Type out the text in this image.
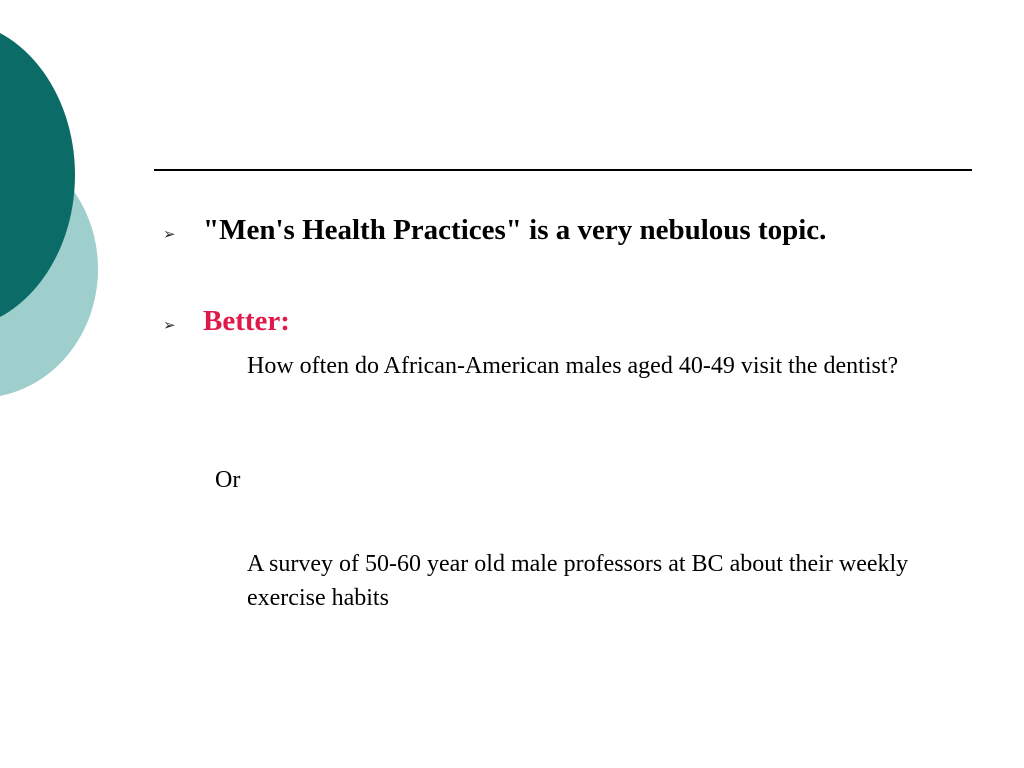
➢ "Men's Health Practices" is a very nebulous topic.
➢ Better:
How often do African-American males aged 40-49 visit the dentist?
Or
A survey of 50-60 year old male professors at BC about their weekly exercise habits
